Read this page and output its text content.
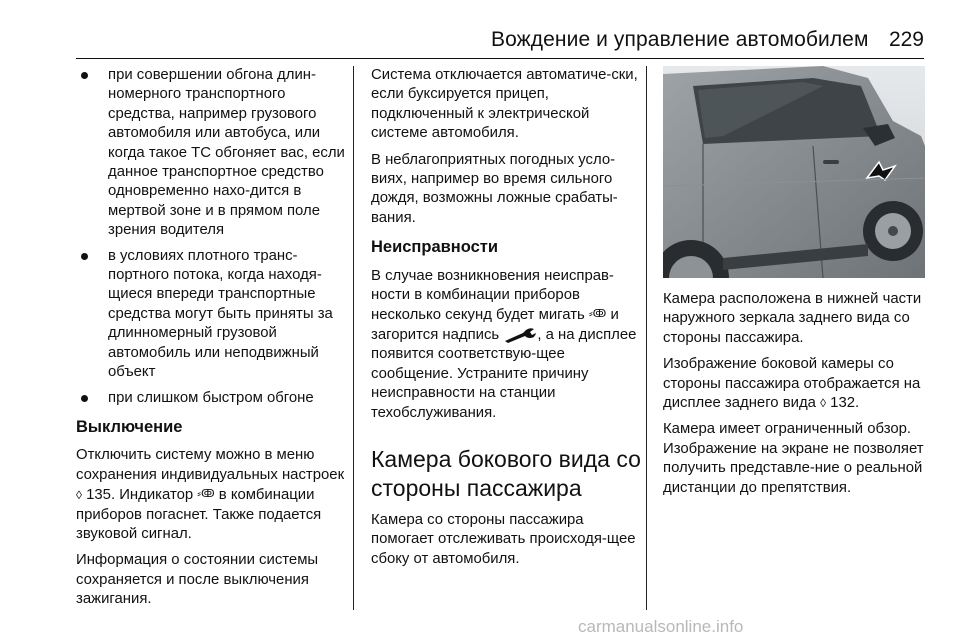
Вождение и управление автомобилем 229
при совершении обгона длин-номерного транспортного средства, например грузового автомобиля или автобуса, или когда такое ТС обгоняет вас, если данное транспортное средство одновременно нахо-дится в мертвой зоне и в прямом поле зрения водителя
в условиях плотного транс-портного потока, когда находя-щиеся впереди транспортные средства могут быть приняты за длинномерный грузовой автомобиль или неподвижный объект
при слишком быстром обгоне
Выключение

Отключить систему можно в меню сохранения индивидуальных настроек ◊ 135. Индикатор ⸗ↂ в комбинации приборов погаснет. Также подается звуковой сигнал.

Информация о состоянии системы сохраняется и после выключения зажигания.

Система отключается автоматиче-ски, если буксируется прицеп, подключенный к электрической системе автомобиля.

В неблагоприятных погодных усло-виях, например во время сильного дождя, возможны ложные срабаты-вания.

Неисправности

В случае возникновения неисправ-ности в комбинации приборов несколько секунд будет мигать ⸗ↂ и загорится надпись	, а на дисплее появится соответствую-щее сообщение. Устраните причину неисправности на станции техобслуживания.

Камера бокового вида со стороны пассажира

Камера со стороны пассажира помогает отслеживать происходя-щее сбоку от автомобиля.

Камера расположена в нижней части наружного зеркала заднего вида со стороны пассажира.

Изображение боковой камеры со стороны пассажира отображается на дисплее заднего вида ◊ 132.

Камера имеет ограниченный обзор. Изображение на экране не позволяет получить представле-ние о реальной дистанции до препятствия.

carmanualsonline.info
